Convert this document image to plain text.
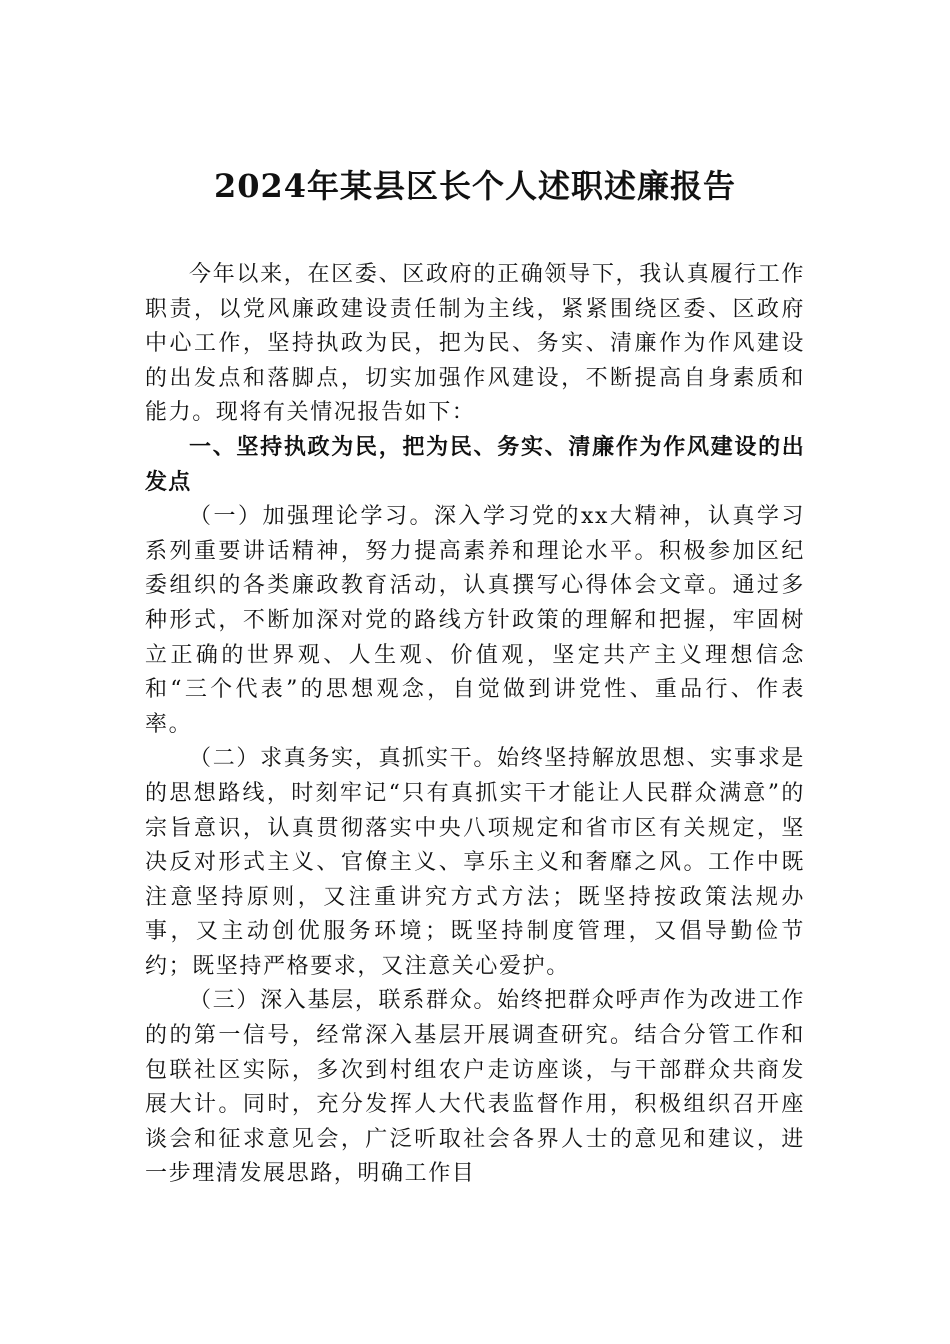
2024年某县区长个人述职述廉报告

今年以来，在区委、区政府的正确领导下，我认真履行工作职责，以党风廉政建设责任制为主线，紧紧围绕区委、区政府中心工作，坚持执政为民，把为民、务实、清廉作为作风建设的出发点和落脚点，切实加强作风建设，不断提高自身素质和能力。现将有关情况报告如下：

一、坚持执政为民，把为民、务实、清廉作为作风建设的出发点

（一）加强理论学习。深入学习党的xx大精神，认真学习系列重要讲话精神，努力提高素养和理论水平。积极参加区纪委组织的各类廉政教育活动，认真撰写心得体会文章。通过多种形式，不断加深对党的路线方针政策的理解和把握，牢固树立正确的世界观、人生观、价值观，坚定共产主义理想信念和“三个代表”的思想观念，自觉做到讲党性、重品行、作表率。

（二）求真务实，真抓实干。始终坚持解放思想、实事求是的思想路线，时刻牢记“只有真抓实干才能让人民群众满意”的宗旨意识，认真贯彻落实中央八项规定和省市区有关规定，坚决反对形式主义、官僚主义、享乐主义和奢靡之风。工作中既注意坚持原则，又注重讲究方式方法；既坚持按政策法规办事，又主动创优服务环境；既坚持制度管理，又倡导勤俭节约；既坚持严格要求，又注意关心爱护。

（三）深入基层，联系群众。始终把群众呼声作为改进工作的的第一信号，经常深入基层开展调查研究。结合分管工作和包联社区实际，多次到村组农户走访座谈，与干部群众共商发展大计。同时，充分发挥人大代表监督作用，积极组织召开座谈会和征求意见会，广泛听取社会各界人士的意见和建议，进一步理清发展思路，明确工作目
